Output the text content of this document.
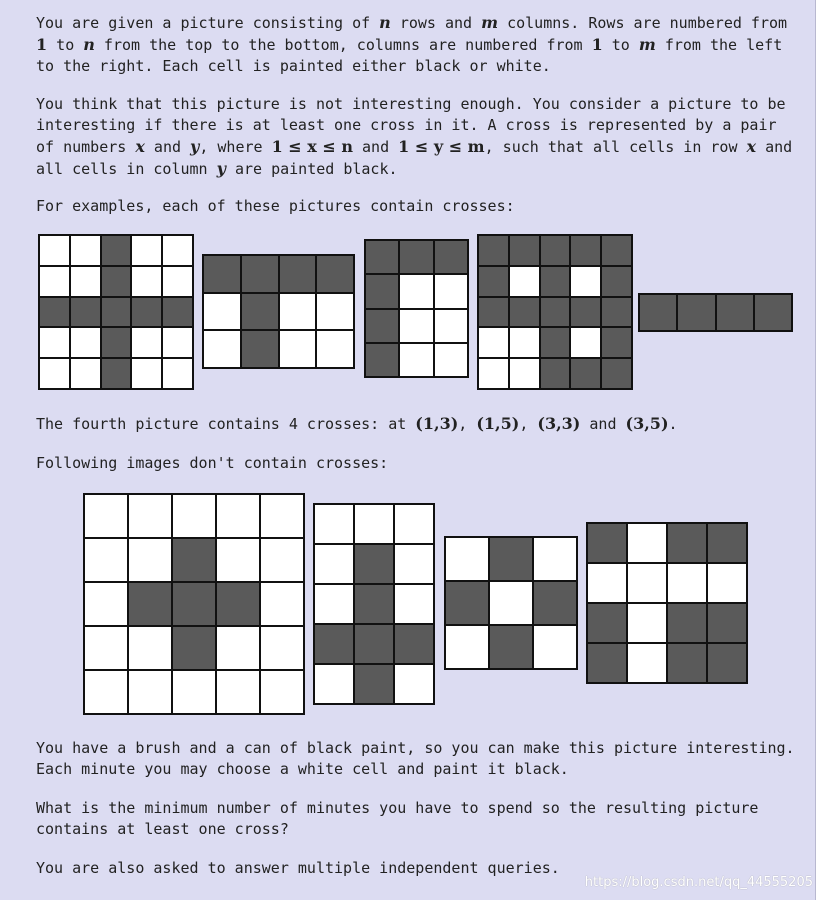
You are given a picture consisting of n rows and m columns. Rows are numbered from
1 to n from the top to the bottom, columns are numbered from 1 to m from the left
to the right. Each cell is painted either black or white.

You think that this picture is not interesting enough. You consider a picture to be
interesting if there is at least one cross in it. A cross is represented by a pair
of numbers x and y, where 1 ≤ x ≤ n and 1 ≤ y ≤ m, such that all cells in row x and
all cells in column y are painted black.

For examples, each of these pictures contain crosses:

The fourth picture contains 4 crosses: at (1,3), (1,5), (3,3) and (3,5).

Following images don't contain crosses:

You have a brush and a can of black paint, so you can make this picture interesting.
Each minute you may choose a white cell and paint it black.

What is the minimum number of minutes you have to spend so the resulting picture
contains at least one cross?

You are also asked to answer multiple independent queries.

https://blog.csdn.net/qq_44555205
